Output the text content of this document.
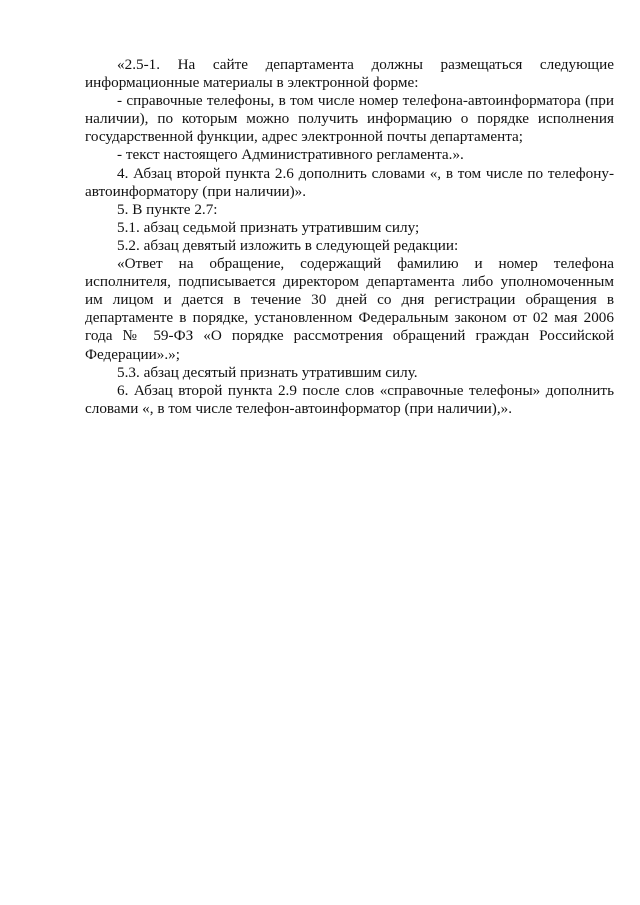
«2.5-1. На сайте департамента должны размещаться следующие информационные материалы в электронной форме:

- справочные телефоны, в том числе номер телефона-автоинформатора (при наличии), по которым можно получить информацию о порядке исполнения государственной функции, адрес электронной почты департамента;

- текст настоящего Административного регламента.».

4. Абзац второй пункта 2.6 дополнить словами «, в том числе по телефону-автоинформатору (при наличии)».

5. В пункте 2.7:

5.1. абзац седьмой признать утратившим силу;

5.2. абзац девятый изложить в следующей редакции:

«Ответ на обращение, содержащий фамилию и номер телефона исполнителя, подписывается директором департамента либо уполномоченным им лицом и дается в течение 30 дней со дня регистрации обращения в департаменте в порядке, установленном Федеральным законом от 02 мая 2006 года № 59-ФЗ «О порядке рассмотрения обращений граждан Российской Федерации».»;

5.3. абзац десятый признать утратившим силу.

6. Абзац второй пункта 2.9 после слов «справочные телефоны» дополнить словами «, в том числе телефон-автоинформатор (при наличии),».
